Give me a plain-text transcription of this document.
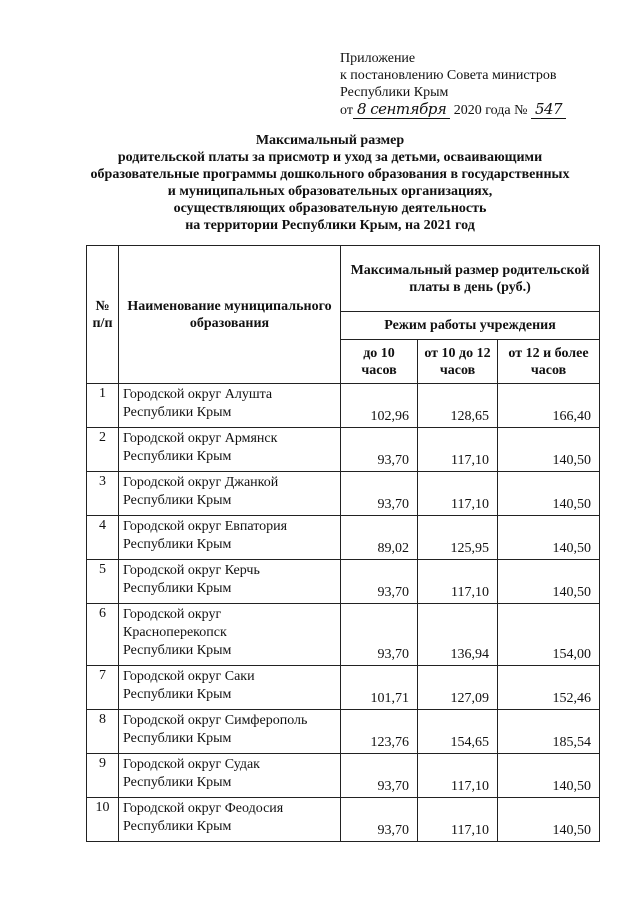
Приложение
к постановлению Совета министров
Республики Крым
от 8 сентября 2020 года № 547
Максимальный размер
родительской платы за присмотр и уход за детьми, осваивающими
образовательные программы дошкольного образования в государственных
и муниципальных образовательных организациях,
осуществляющих образовательную деятельность
на территории Республики Крым, на 2021 год
№ п/п	Наименование муниципального образования	Максимальный размер родительской платы в день (руб.)		
		Режим работы учреждения		
		до 10 часов	от 10 до 12 часов	от 12 и более часов
1	Городской округ Алушта
Республики Крым	102,96	128,65	166,40
2	Городской округ Армянск
Республики Крым	93,70	117,10	140,50
3	Городской округ Джанкой
Республики Крым	93,70	117,10	140,50
4	Городской округ Евпатория
Республики Крым	89,02	125,95	140,50
5	Городской округ Керчь
Республики Крым	93,70	117,10	140,50
6	Городской округ
Красноперекопск
Республики Крым	93,70	136,94	154,00
7	Городской округ Саки
Республики Крым	101,71	127,09	152,46
8	Городской округ Симферополь
Республики Крым	123,76	154,65	185,54
9	Городской округ Судак
Республики Крым	93,70	117,10	140,50
10	Городской округ Феодосия
Республики Крым	93,70	117,10	140,50
